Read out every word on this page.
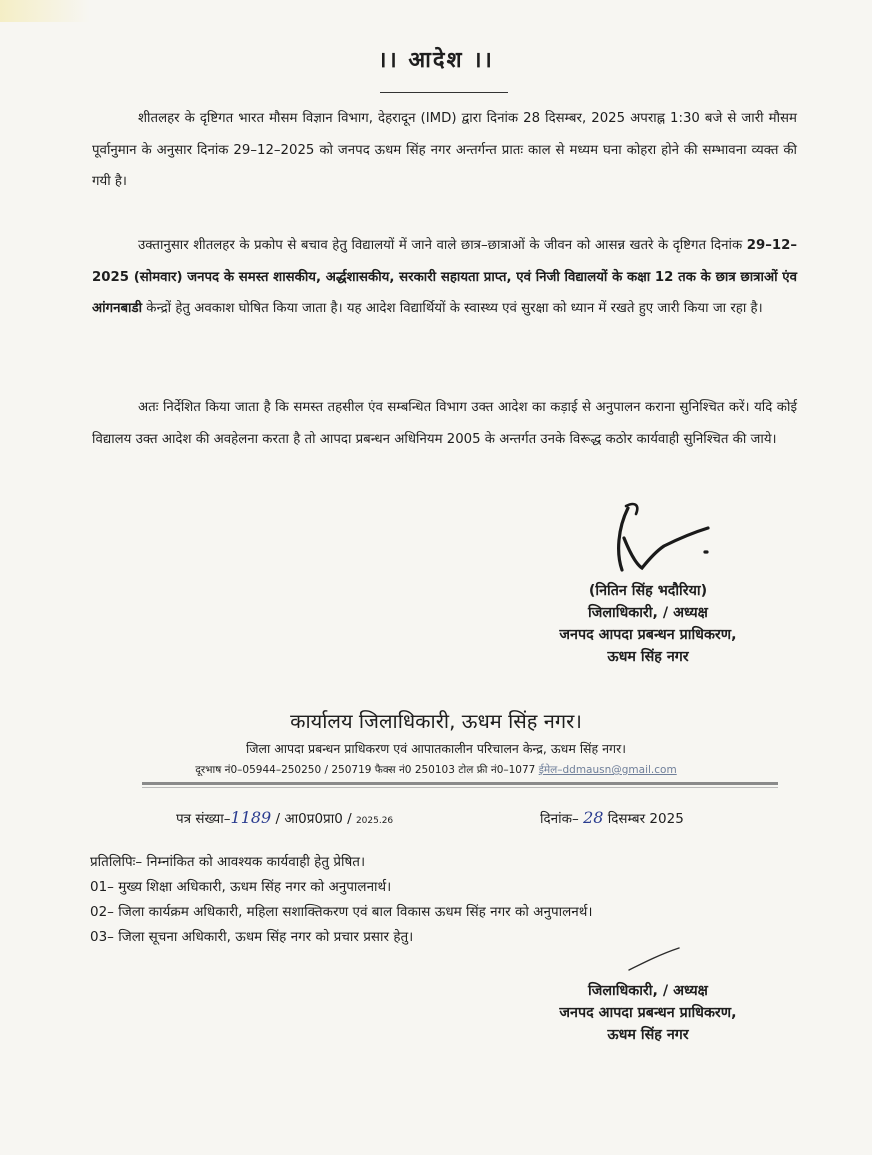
।। आदेश ।।

शीतलहर के दृष्टिगत भारत मौसम विज्ञान विभाग, देहरादून (IMD) द्वारा दिनांक 28 दिसम्बर, 2025 अपराह्न 1:30 बजे से जारी मौसम पूर्वानुमान के अनुसार दिनांक 29–12–2025 को जनपद ऊधम सिंह नगर अन्तर्गन्त प्रातः काल से मध्यम घना कोहरा होने की सम्भावना व्यक्त की गयी है।

उक्तानुसार शीतलहर के प्रकोप से बचाव हेतु विद्यालयों में जाने वाले छात्र–छात्राओं के जीवन को आसन्न खतरे के दृष्टिगत दिनांक 29–12–2025 (सोमवार) जनपद के समस्त शासकीय, अर्द्धशासकीय, सरकारी सहायता प्राप्त, एवं निजी विद्यालयों के कक्षा 12 तक के छात्र छात्राओं एंव आंगनबाडी केन्द्रों हेतु अवकाश घोषित किया जाता है। यह आदेश विद्यार्थियों के स्वास्थ्य एवं सुरक्षा को ध्यान में रखते हुए जारी किया जा रहा है।

अतः निर्देशित किया जाता है कि समस्त तहसील एंव सम्बन्धित विभाग उक्त आदेश का कड़ाई से अनुपालन कराना सुनिश्चित करें। यदि कोई विद्यालय उक्त आदेश की अवहेलना करता है तो आपदा प्रबन्धन अधिनियम 2005 के अन्तर्गत उनके विरूद्ध कठोर कार्यवाही सुनिश्चित की जाये।

(नितिन सिंह भदौरिया)
जिलाधिकारी, / अध्यक्ष
जनपद आपदा प्रबन्धन प्राधिकरण,
ऊधम सिंह नगर
कार्यालय जिलाधिकारी, ऊधम सिंह नगर।
जिला आपदा प्रबन्धन प्राधिकरण एवं आपातकालीन परिचालन केन्द्र, ऊधम सिंह नगर।
दूरभाष नं0–05944–250250 / 250719 फैक्स नं0 250103 टोल फ्री नं0–1077 ईमेल–ddmausn@gmail.com
पत्र संख्या–1189 / आ0प्र0प्रा0 / 2025.26	दिनांक– 28 दिसम्बर 2025
प्रतिलिपिः– निम्नांकित को आवश्यक कार्यवाही हेतु प्रेषित।
01– मुख्य शिक्षा अधिकारी, ऊधम सिंह नगर को अनुपालनार्थ।
02– जिला कार्यक्रम अधिकारी, महिला सशाक्तिकरण एवं बाल विकास ऊधम सिंह नगर को अनुपालनर्थ।
03– जिला सूचना अधिकारी, ऊधम सिंह नगर को प्रचार प्रसार हेतु।
जिलाधिकारी, / अध्यक्ष
जनपद आपदा प्रबन्धन प्राधिकरण,
ऊधम सिंह नगर
